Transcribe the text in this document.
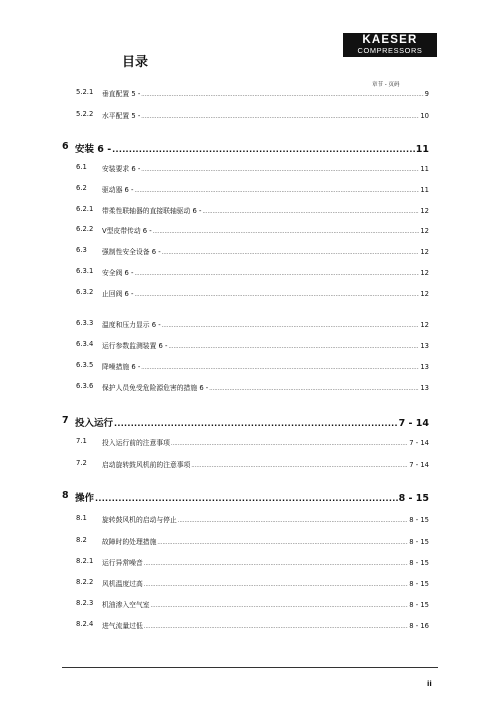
目录
KAESER
COMPRESSORS
章节 - 页码
5.2.1 垂直配置 5 - .....	9
5.2.2 水平配置 5 - .....	10
6 安装 6 - .....	11
6.1 安装要求 6 - .....	11
6.2 驱动器 6 - .....	11
6.2.1 带柔性联轴器的直接联轴驱动 6 - .....	12
6.2.2 V型皮带传动 6 - .....	12
6.3 强制性安全设备 6 - .....	12
6.3.1 安全阀 6 - .....	12
6.3.2 止回阀 6 - .....	12
6.3.3 温度和压力显示 6 - .....	12
6.3.4 运行参数监测装置 6 - .....	13
6.3.5 降噪措施 6 - .....	13
6.3.6 保护人员免受危险源危害的措施 6 - .....	13
7 投入运行 .....	7 - 14
7.1 投入运行前的注意事项 .....	7 - 14
7.2 启动旋转鼓风机前的注意事项 .....	7 - 14
8 操作 .....	8 - 15
8.1 旋转鼓风机的启动与停止 .....	8 - 15
8.2 故障时的处理措施 .....	8 - 15
8.2.1 运行异常噪音 .....	8 - 15
8.2.2 风机温度过高 .....	8 - 15
8.2.3 机油渗入空气室 .....	8 - 15
8.2.4 进气流量过低 .....	8 - 16
ii
